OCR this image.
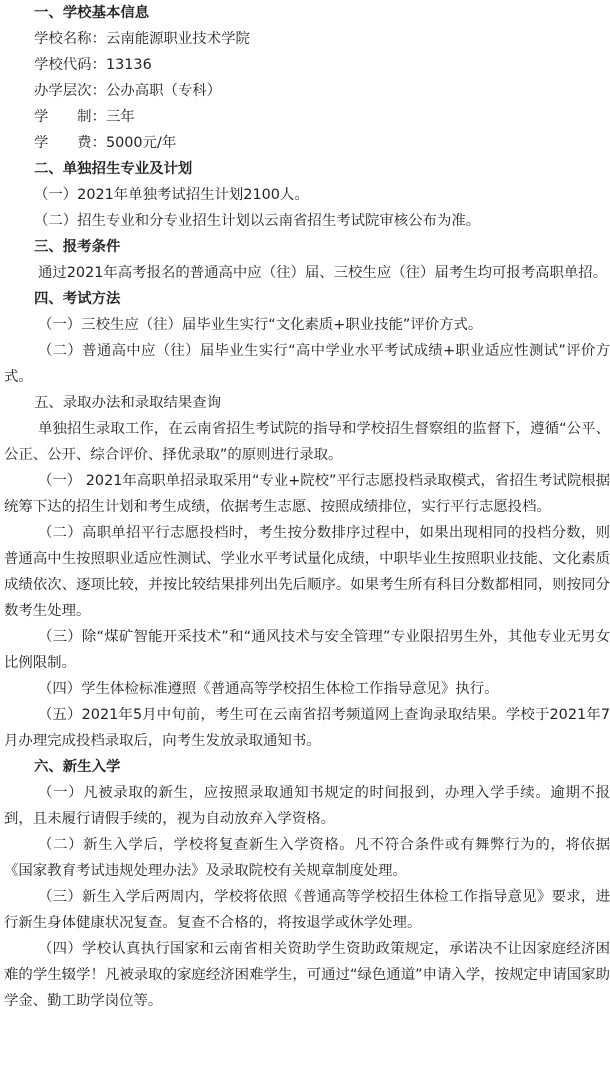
一、学校基本信息

学校名称：云南能源职业技术学院

学校代码：13136

办学层次：公办高职（专科）

学　　制：三年

学　　费：5000元/年

二、单独招生专业及计划

（一）2021年单独考试招生计划2100人。

（二）招生专业和分专业招生计划以云南省招生考试院审核公布为准。

三、报考条件

通过2021年高考报名的普通高中应（往）届、三校生应（往）届考生均可报考高职单招。

四、考试方法

（一）三校生应（往）届毕业生实行“文化素质+职业技能”评价方式。

（二）普通高中应（往）届毕业生实行“高中学业水平考试成绩+职业适应性测试”评价方式。

五、录取办法和录取结果查询

单独招生录取工作，在云南省招生考试院的指导和学校招生督察组的监督下，遵循“公平、公正、公开、综合评价、择优录取”的原则进行录取。

（一） 2021年高职单招录取采用“专业+院校”平行志愿投档录取模式，省招生考试院根据统筹下达的招生计划和考生成绩，依据考生志愿、按照成绩排位，实行平行志愿投档。

（二）高职单招平行志愿投档时，考生按分数排序过程中，如果出现相同的投档分数，则普通高中生按照职业适应性测试、学业水平考试量化成绩，中职毕业生按照职业技能、文化素质成绩依次、逐项比较，并按比较结果排列出先后顺序。如果考生所有科目分数都相同，则按同分数考生处理。

（三）除“煤矿智能开采技术”和“通风技术与安全管理”专业限招男生外，其他专业无男女比例限制。

（四）学生体检标准遵照《普通高等学校招生体检工作指导意见》执行。

（五）2021年5月中旬前，考生可在云南省招考频道网上查询录取结果。学校于2021年7月办理完成投档录取后，向考生发放录取通知书。

六、新生入学

（一）凡被录取的新生，应按照录取通知书规定的时间报到，办理入学手续。逾期不报到，且未履行请假手续的，视为自动放弃入学资格。

（二）新生入学后，学校将复查新生入学资格。凡不符合条件或有舞弊行为的，将依据《国家教育考试违规处理办法》及录取院校有关规章制度处理。

（三）新生入学后两周内，学校将依照《普通高等学校招生体检工作指导意见》要求，进行新生身体健康状况复查。复查不合格的，将按退学或休学处理。

（四）学校认真执行国家和云南省相关资助学生资助政策规定，承诺决不让因家庭经济困难的学生辍学！凡被录取的家庭经济困难学生，可通过“绿色通道”申请入学，按规定申请国家助学金、勤工助学岗位等。
